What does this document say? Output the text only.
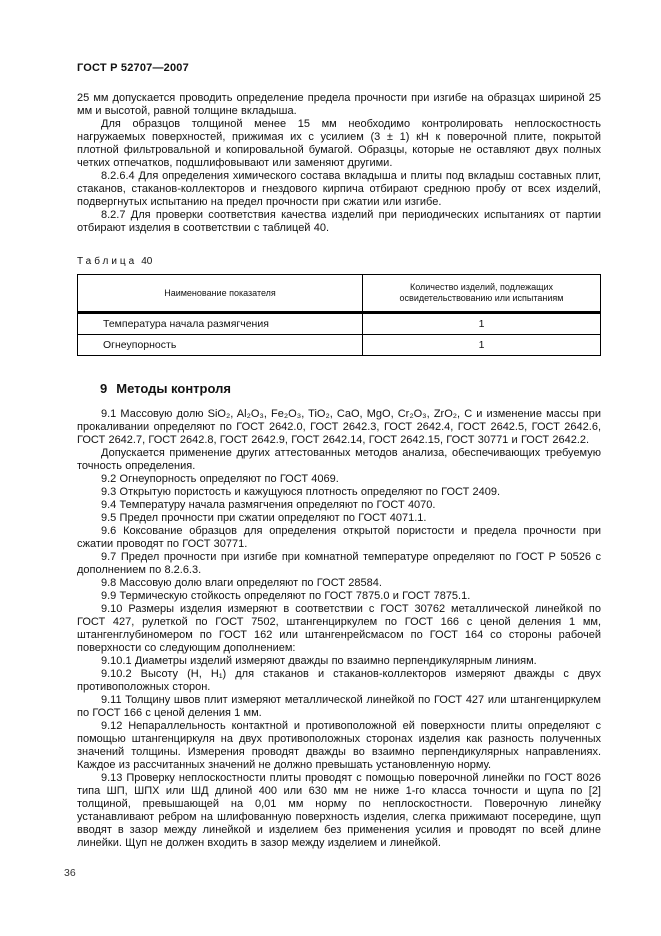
ГОСТ Р 52707—2007

25 мм допускается проводить определение предела прочности при изгибе на образцах шириной 25 мм и высотой, равной толщине вкладыша.

Для образцов толщиной менее 15 мм необходимо контролировать неплоскостность нагружаемых поверхностей, прижимая их с усилием (3 ± 1) кН к поверочной плите, покрытой плотной фильтровальной и копировальной бумагой. Образцы, которые не оставляют двух полных четких отпечатков, подшлифовывают или заменяют другими.

8.2.6.4 Для определения химического состава вкладыша и плиты под вкладыш составных плит, стаканов, стаканов-коллекторов и гнездового кирпича отбирают среднюю пробу от всех изделий, подвергнутых испытанию на предел прочности при сжатии или изгибе.

8.2.7 Для проверки соответствия качества изделий при периодических испытаниях от партии отбирают изделия в соответствии с таблицей 40.

Таблица 40
Наименование показателя	Количество изделий, подлежащих освидетельствованию или испытаниям
Температура начала размягчения	1
Огнеупорность	1
9 Методы контроля

9.1 Массовую долю SiO₂, Al₂O₃, Fe₂O₃, TiO₂, CaO, MgO, Cr₂O₃, ZrO₂, C и изменение массы при прокаливании определяют по ГОСТ 2642.0, ГОСТ 2642.3, ГОСТ 2642.4, ГОСТ 2642.5, ГОСТ 2642.6, ГОСТ 2642.7, ГОСТ 2642.8, ГОСТ 2642.9, ГОСТ 2642.14, ГОСТ 2642.15, ГОСТ 30771 и ГОСТ 2642.2.

Допускается применение других аттестованных методов анализа, обеспечивающих требуемую точность определения.

9.2 Огнеупорность определяют по ГОСТ 4069.

9.3 Открытую пористость и кажущуюся плотность определяют по ГОСТ 2409.

9.4 Температуру начала размягчения определяют по ГОСТ 4070.

9.5 Предел прочности при сжатии определяют по ГОСТ 4071.1.

9.6 Коксование образцов для определения открытой пористости и предела прочности при сжатии проводят по ГОСТ 30771.

9.7 Предел прочности при изгибе при комнатной температуре определяют по ГОСТ Р 50526 с дополнением по 8.2.6.3.

9.8 Массовую долю влаги определяют по ГОСТ 28584.

9.9 Термическую стойкость определяют по ГОСТ 7875.0 и ГОСТ 7875.1.

9.10 Размеры изделия измеряют в соответствии с ГОСТ 30762 металлической линейкой по ГОСТ 427, рулеткой по ГОСТ 7502, штангенциркулем по ГОСТ 166 с ценой деления 1 мм, штангенглубиномером по ГОСТ 162 или штангенрейсмасом по ГОСТ 164 со стороны рабочей поверхности со следующим дополнением:

9.10.1 Диаметры изделий измеряют дважды по взаимно перпендикулярным линиям.

9.10.2 Высоту (H, H₁) для стаканов и стаканов-коллекторов измеряют дважды с двух противоположных сторон.

9.11 Толщину швов плит измеряют металлической линейкой по ГОСТ 427 или штангенциркулем по ГОСТ 166 с ценой деления 1 мм.

9.12 Непараллельность контактной и противоположной ей поверхности плиты определяют с помощью штангенциркуля на двух противоположных сторонах изделия как разность полученных значений толщины. Измерения проводят дважды во взаимно перпендикулярных направлениях. Каждое из рассчитанных значений не должно превышать установленную норму.

9.13 Проверку неплоскостности плиты проводят с помощью поверочной линейки по ГОСТ 8026 типа ШП, ШПХ или ШД длиной 400 или 630 мм не ниже 1-го класса точности и щупа по [2] толщиной, превышающей на 0,01 мм норму по неплоскостности. Поверочную линейку устанавливают ребром на шлифованную поверхность изделия, слегка прижимают посередине, щуп вводят в зазор между линейкой и изделием без применения усилия и проводят по всей длине линейки. Щуп не должен входить в зазор между изделием и линейкой.

36
